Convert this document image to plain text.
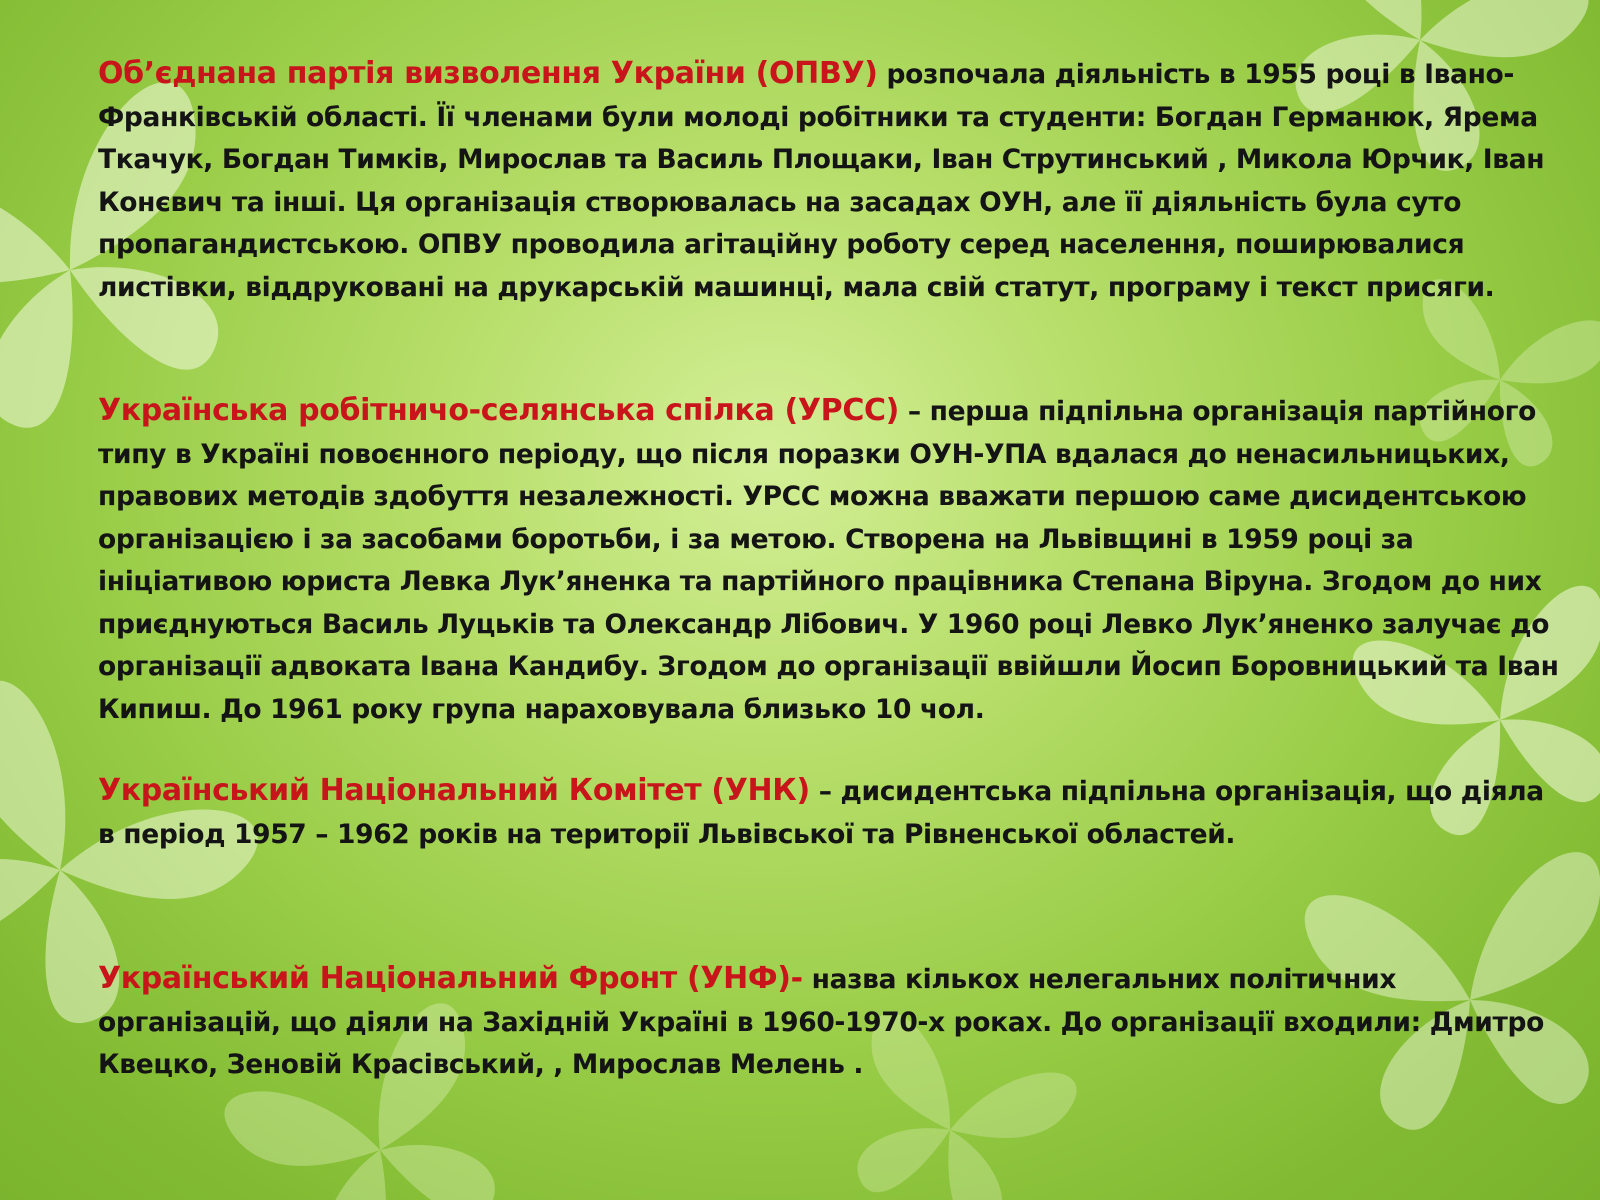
Об’єднана партія визволення України (ОПВУ) розпочала діяльність в 1955 році в Івано-Франківській області. Її членами були молоді робітники та студенти: Богдан Германюк, Ярема Ткачук, Богдан Тимків, Мирослав та Василь Площаки, Іван Струтинський , Микола Юрчик, Іван Конєвич та інші. Ця організація створювалась на засадах ОУН, але її діяльність була суто пропагандистською. ОПВУ проводила агітаційну роботу серед населення, поширювалися листівки, віддруковані на друкарській машинці, мала свій статут, програму і текст присяги.

Українська робітничо-селянська спілка (УРСС) – перша підпільна організація партійного типу в Україні повоєнного періоду, що після поразки ОУН-УПА вдалася до ненасильницьких, правових методів здобуття незалежності. УРСС можна вважати першою саме дисидентською організацією і за засобами боротьби, і за метою. Створена на Львівщині в 1959 році за ініціативою юриста Левка Лук’яненка та партійного працівника Степана Віруна. Згодом до них приєднуються Василь Луцьків та Олександр Лібович. У 1960 році Левко Лук’яненко залучає до організації адвоката Івана Кандибу. Згодом до організації ввійшли Йосип Боровницький та Іван Кипиш. До 1961 року група нараховувала близько 10 чол.

Український Національний Комітет (УНК) – дисидентська підпільна організація, що діяла в період 1957 – 1962 років на території Львівської та Рівненської областей.

Український Національний Фронт (УНФ)- назва кількох нелегальних політичних організацій, що діяли на Західній Україні в 1960-1970-х роках. До організації входили: Дмитро Квецко, Зеновій Красівський, , Мирослав Мелень .
